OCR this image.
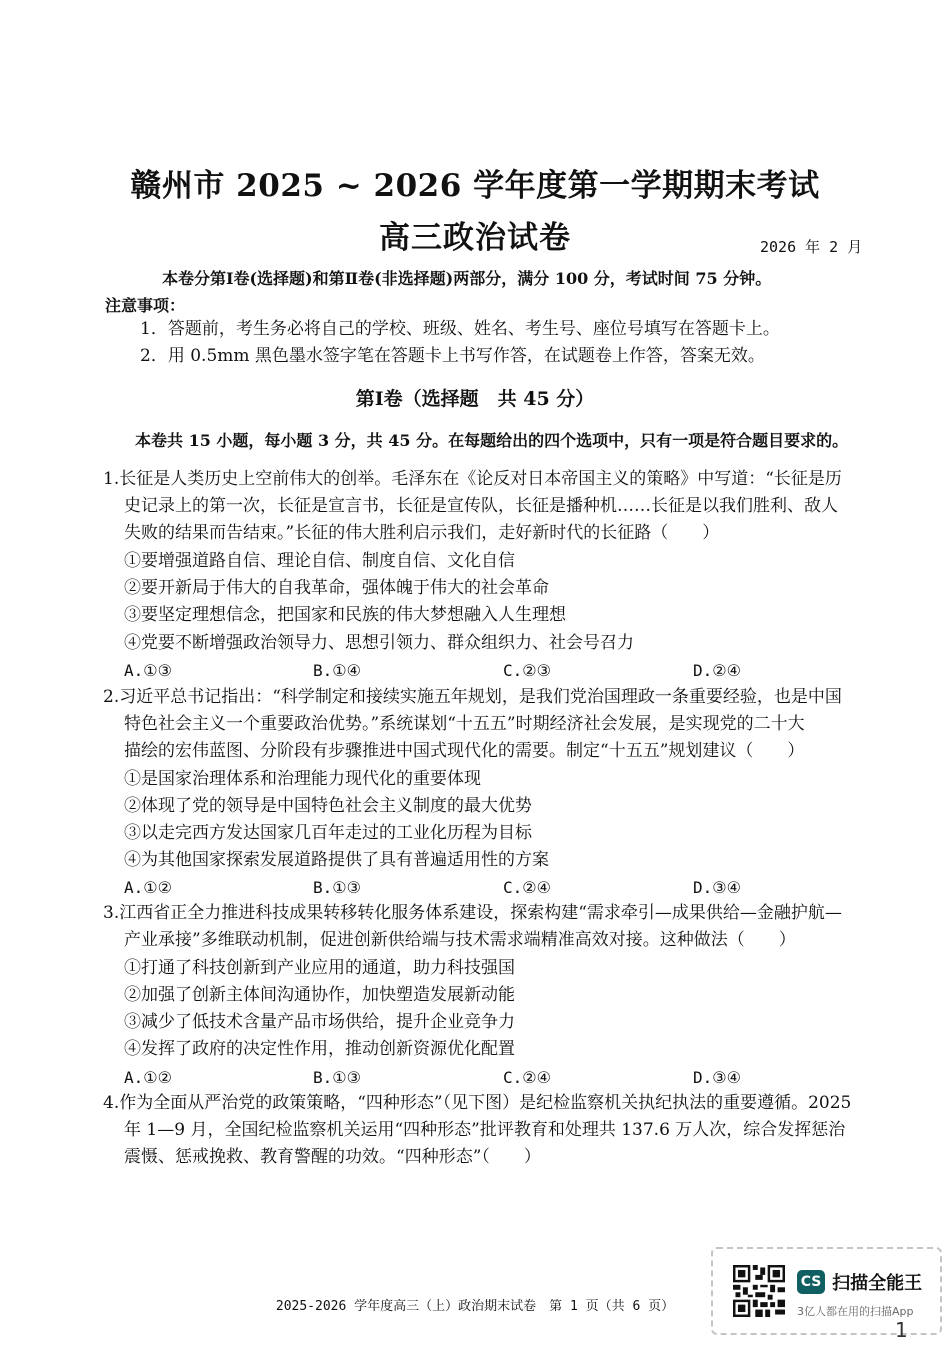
赣州市 2025 ~ 2026 学年度第一学期期末考试
高三政治试卷	2026 年 2 月
本卷分第Ⅰ卷(选择题)和第Ⅱ卷(非选择题)两部分，满分 100 分，考试时间 75 分钟。
注意事项：
1．答题前，考生务必将自己的学校、班级、姓名、考生号、座位号填写在答题卡上。
2．用 0.5mm 黑色墨水签字笔在答题卡上书写作答，在试题卷上作答，答案无效。
第Ⅰ卷（选择题　共 45 分）
本卷共 15 小题，每小题 3 分，共 45 分。在每题给出的四个选项中，只有一项是符合题目要求的。
1.长征是人类历史上空前伟大的创举。毛泽东在《论反对日本帝国主义的策略》中写道：“长征是历
史记录上的第一次，长征是宣言书，长征是宣传队，长征是播种机……长征是以我们胜利、敌人
失败的结果而告结束。”长征的伟大胜利启示我们，走好新时代的长征路（　　）
①要增强道路自信、理论自信、制度自信、文化自信
②要开新局于伟大的自我革命，强体魄于伟大的社会革命
③要坚定理想信念，把国家和民族的伟大梦想融入人生理想
④党要不断增强政治领导力、思想引领力、群众组织力、社会号召力
A.①③	B.①④	C.②③	D.②④
2.习近平总书记指出：“科学制定和接续实施五年规划，是我们党治国理政一条重要经验，也是中国
特色社会主义一个重要政治优势。”系统谋划“十五五”时期经济社会发展，是实现党的二十大
描绘的宏伟蓝图、分阶段有步骤推进中国式现代化的需要。制定“十五五”规划建议（　　）
①是国家治理体系和治理能力现代化的重要体现
②体现了党的领导是中国特色社会主义制度的最大优势
③以走完西方发达国家几百年走过的工业化历程为目标
④为其他国家探索发展道路提供了具有普遍适用性的方案
A.①②	B.①③	C.②④	D.③④
3.江西省正全力推进科技成果转移转化服务体系建设，探索构建“需求牵引—成果供给—金融护航—
产业承接”多维联动机制，促进创新供给端与技术需求端精准高效对接。这种做法（　　）
①打通了科技创新到产业应用的通道，助力科技强国
②加强了创新主体间沟通协作，加快塑造发展新动能
③减少了低技术含量产品市场供给，提升企业竞争力
④发挥了政府的决定性作用，推动创新资源优化配置
A.①②	B.①③	C.②④	D.③④
4.作为全面从严治党的政策策略，“四种形态”（见下图）是纪检监察机关执纪执法的重要遵循。2025
年 1—9 月，全国纪检监察机关运用“四种形态”批评教育和处理共 137.6 万人次，综合发挥惩治
震慑、惩戒挽救、教育警醒的功效。“四种形态”（　　）
2025-2026 学年度高三（上）政治期末试卷　第 1 页（共 6 页）
CS 扫描全能王
3亿人都在用的扫描App
1
